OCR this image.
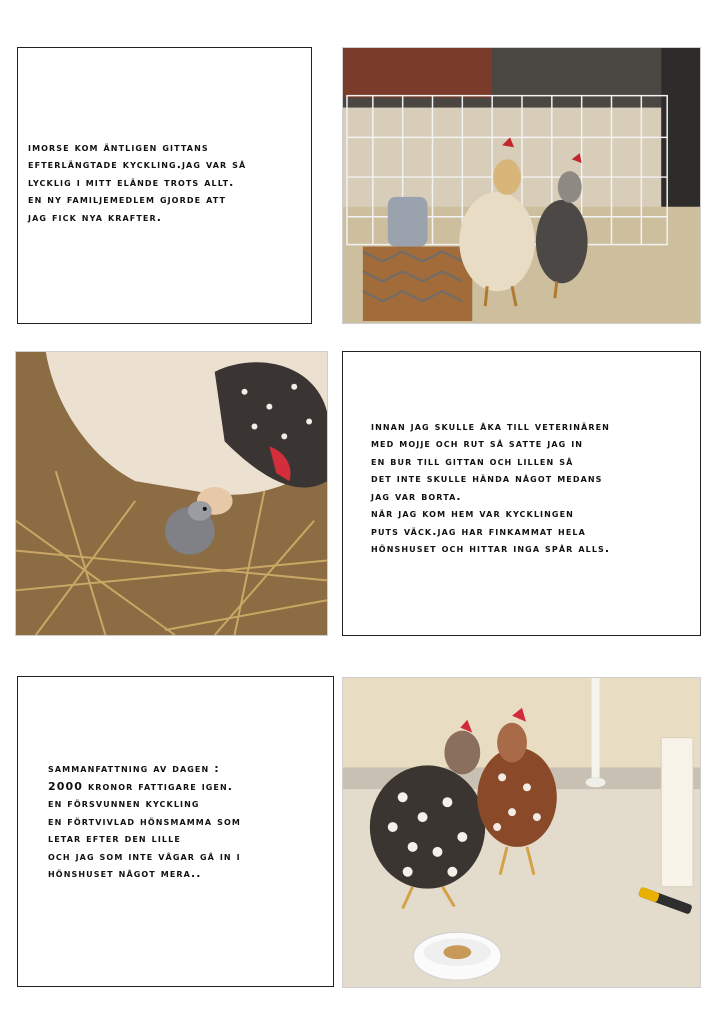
imorse kom äntligen gittans
efterlängtade kyckling.jag var så
lycklig i mitt elände trots allt.
en ny familjemedlem gjorde att
jag fick nya krafter.
innan jag skulle åka till veterinären
med mojje och rut så satte jag in
en bur till gittan och lillen så
det inte skulle hända något medans
jag var borta.
när jag kom hem var kycklingen
puts väck.jag har finkammat hela
hönshuset och hittar inga spår alls.
sammanfattning av dagen :
2000 kronor fattigare igen.
en försvunnen kyckling
en förtvivlad hönsmamma som
letar efter den lille
och jag som inte vågar gå in i
hönshuset något mera..
